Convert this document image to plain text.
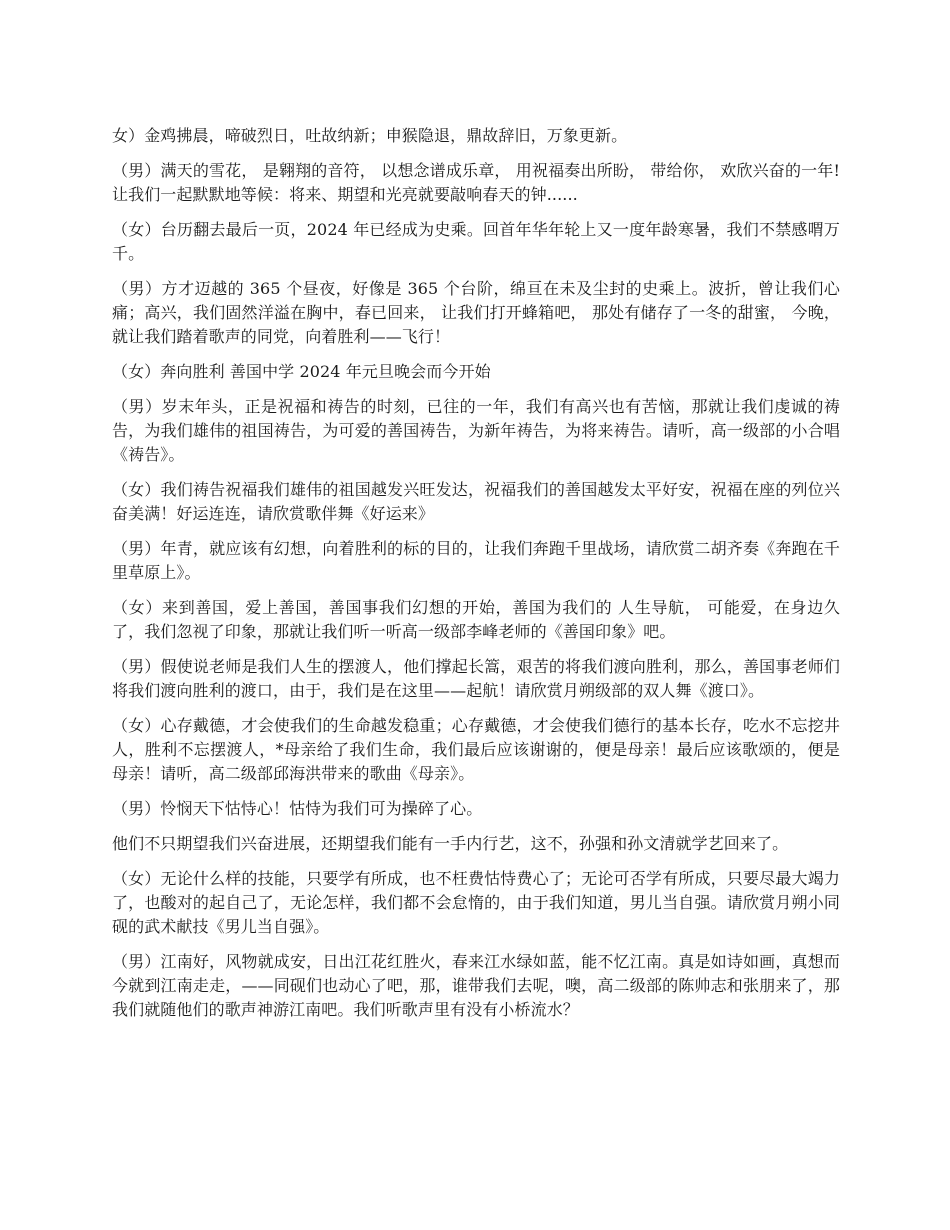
女）金鸡拂晨，啼破烈日，吐故纳新；申猴隐退，鼎故辞旧，万象更新。

（男）满天的雪花， 是翱翔的音符， 以想念谱成乐章， 用祝福奏出所盼， 带给你， 欢欣兴奋的一年! 让我们一起默默地等候：将来、期望和光亮就要敲响春天的钟......

（女）台历翻去最后一页，2024 年已经成为史乘。回首年华年轮上又一度年龄寒暑，我们不禁感喟万千。

（男）方才迈越的 365 个昼夜，好像是 365 个台阶，绵亘在未及尘封的史乘上。波折，曾让我们心痛；高兴，我们固然洋溢在胸中，春已回来， 让我们打开蜂箱吧， 那处有储存了一冬的甜蜜， 今晚，就让我们踏着歌声的同党，向着胜利——飞行！

（女）奔向胜利 善国中学 2024 年元旦晚会而今开始

（男）岁末年头，正是祝福和祷告的时刻，已往的一年，我们有高兴也有苦恼，那就让我们虔诚的祷告，为我们雄伟的祖国祷告，为可爱的善国祷告，为新年祷告，为将来祷告。请听，高一级部的小合唱《祷告》。

（女）我们祷告祝福我们雄伟的祖国越发兴旺发达，祝福我们的善国越发太平好安，祝福在座的列位兴奋美满！好运连连，请欣赏歌伴舞《好运来》

（男）年青，就应该有幻想，向着胜利的标的目的，让我们奔跑千里战场，请欣赏二胡齐奏《奔跑在千里草原上》。

（女）来到善国，爱上善国，善国事我们幻想的开始，善国为我们的 人生导航， 可能爱，在身边久了，我们忽视了印象，那就让我们听一听高一级部李峰老师的《善国印象》吧。

（男）假使说老师是我们人生的摆渡人，他们撑起长篙，艰苦的将我们渡向胜利，那么，善国事老师们将我们渡向胜利的渡口，由于，我们是在这里——起航！请欣赏月朔级部的双人舞《渡口》。

（女）心存戴德，才会使我们的生命越发稳重；心存戴德，才会使我们德行的基本长存，吃水不忘挖井人，胜利不忘摆渡人，*母亲给了我们生命，我们最后应该谢谢的，便是母亲！最后应该歌颂的，便是母亲！请听，高二级部邱海洪带来的歌曲《母亲》。

（男）怜悯天下怙恃心！怙恃为我们可为操碎了心。

他们不只期望我们兴奋进展，还期望我们能有一手内行艺，这不，孙强和孙文清就学艺回来了。

（女）无论什么样的技能，只要学有所成，也不枉费怙恃费心了；无论可否学有所成，只要尽最大竭力了，也酸对的起自己了，无论怎样，我们都不会怠惰的，由于我们知道，男儿当自强。请欣赏月朔小同砚的武术献技《男儿当自强》。

（男）江南好，风物就成安，日出江花红胜火，春来江水绿如蓝，能不忆江南。真是如诗如画，真想而今就到江南走走，——同砚们也动心了吧，那，谁带我们去呢，噢，高二级部的陈帅志和张朋来了，那我们就随他们的歌声神游江南吧。我们听歌声里有没有小桥流水？
